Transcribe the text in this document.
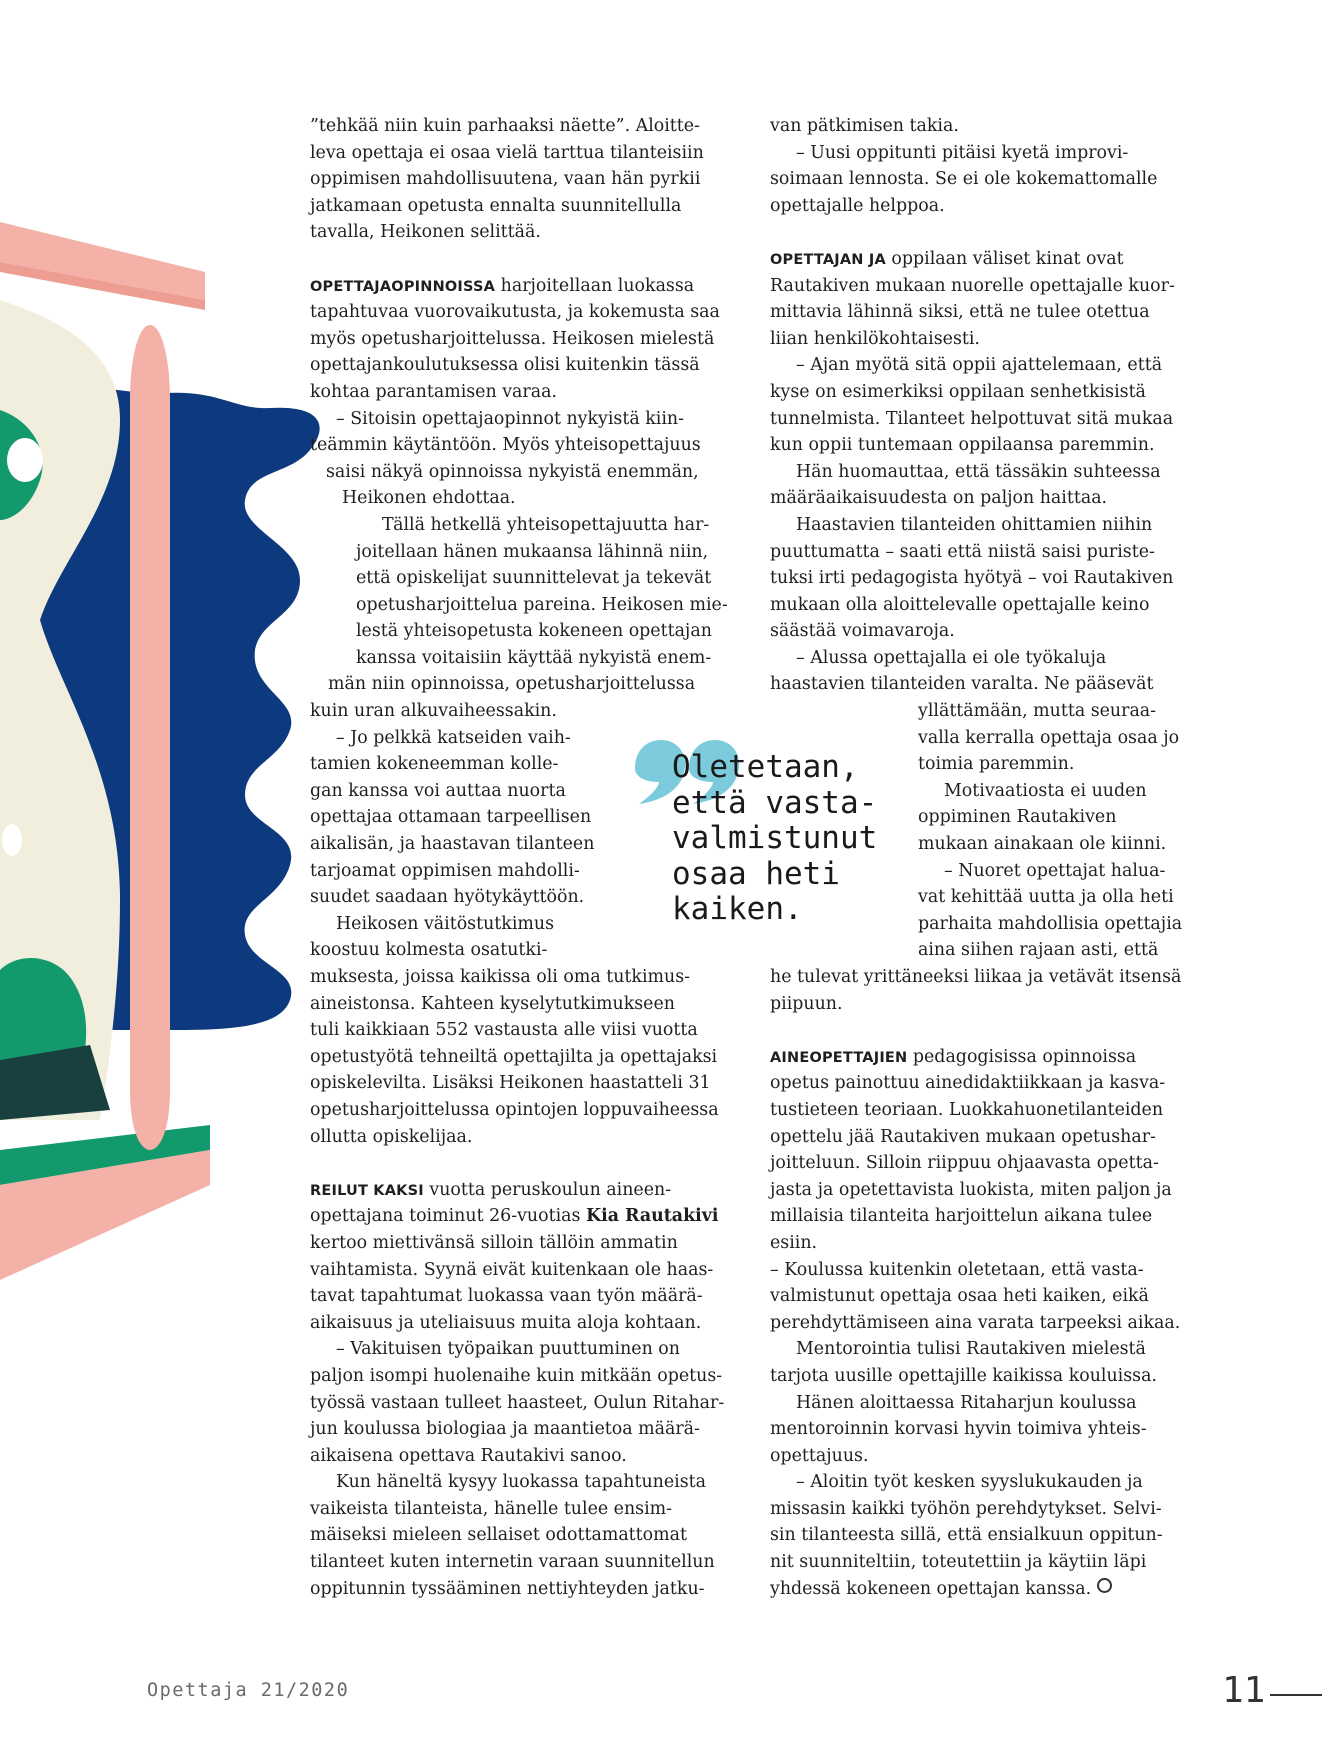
”tehkää niin kuin parhaaksi näette”. Aloitte-
leva opettaja ei osaa vielä tarttua tilanteisiin
oppimisen mahdollisuutena, vaan hän pyrkii
jatkamaan opetusta ennalta suunnitellulla
tavalla, Heikonen selittää.
OPETTAJAOPINNOISSA harjoitellaan luokassa
tapahtuvaa vuorovaikutusta, ja kokemusta saa
myös opetusharjoittelussa. Heikosen mielestä
opettajankoulutuksessa olisi kuitenkin tässä
kohtaa parantamisen varaa.
– Sitoisin opettajaopinnot nykyistä kiin-
teämmin käytäntöön. Myös yhteisopettajuus
saisi näkyä opinnoissa nykyistä enemmän,
Heikonen ehdottaa.
Tällä hetkellä yhteisopettajuutta har-
joitellaan hänen mukaansa lähinnä niin,
että opiskelijat suunnittelevat ja tekevät
opetusharjoittelua pareina. Heikosen mie-
lestä yhteisopetusta kokeneen opettajan
kanssa voitaisiin käyttää nykyistä enem-
män niin opinnoissa, opetusharjoittelussa
kuin uran alkuvaiheessakin.
– Jo pelkkä katseiden vaih-
tamien kokeneemman kolle-
gan kanssa voi auttaa nuorta
opettajaa ottamaan tarpeellisen
aikalisän, ja haastavan tilanteen
tarjoamat oppimisen mahdolli-
suudet saadaan hyötykäyttöön.
Heikosen väitöstutkimus
koostuu kolmesta osatutki-
muksesta, joissa kaikissa oli oma tutkimus-
aineistonsa. Kahteen kyselytutkimukseen
tuli kaikkiaan 552 vastausta alle viisi vuotta
opetustyötä tehneiltä opettajilta ja opettajaksi
opiskelevilta. Lisäksi Heikonen haastatteli 31
opetusharjoittelussa opintojen loppuvaiheessa
ollutta opiskelijaa.
REILUT KAKSI vuotta peruskoulun aineen-
opettajana toiminut 26-vuotias Kia Rautakivi
kertoo miettivänsä silloin tällöin ammatin
vaihtamista. Syynä eivät kuitenkaan ole haas-
tavat tapahtumat luokassa vaan työn määrä-
aikaisuus ja uteliaisuus muita aloja kohtaan.
– Vakituisen työpaikan puuttuminen on
paljon isompi huolenaihe kuin mitkään opetus-
työssä vastaan tulleet haasteet, Oulun Ritahar-
jun koulussa biologiaa ja maantietoa määrä-
aikaisena opettava Rautakivi sanoo.
Kun häneltä kysyy luokassa tapahtuneista
vaikeista tilanteista, hänelle tulee ensim-
mäiseksi mieleen sellaiset odottamattomat
tilanteet kuten internetin varaan suunnitellun
oppitunnin tyssääminen nettiyhteyden jatku-
van pätkimisen takia.
– Uusi oppitunti pitäisi kyetä improvi-
soimaan lennosta. Se ei ole kokemattomalle
opettajalle helppoa.
OPETTAJAN JA oppilaan väliset kinat ovat
Rautakiven mukaan nuorelle opettajalle kuor-
mittavia lähinnä siksi, että ne tulee otettua
liian henkilökohtaisesti.
– Ajan myötä sitä oppii ajattelemaan, että
kyse on esimerkiksi oppilaan senhetkisistä
tunnelmista. Tilanteet helpottuvat sitä mukaa
kun oppii tuntemaan oppilaansa paremmin.
Hän huomauttaa, että tässäkin suhteessa
määräaikaisuudesta on paljon haittaa.
Haastavien tilanteiden ohittamien niihin
puuttumatta – saati että niistä saisi puriste-
tuksi irti pedagogista hyötyä – voi Rautakiven
mukaan olla aloittelevalle opettajalle keino
säästää voimavaroja.
– Alussa opettajalla ei ole työkaluja
haastavien tilanteiden varalta. Ne pääsevät
yllättämään, mutta seuraa-
valla kerralla opettaja osaa jo
toimia paremmin.
Motivaatiosta ei uuden
oppiminen Rautakiven
mukaan ainakaan ole kiinni.
– Nuoret opettajat halua-
vat kehittää uutta ja olla heti
parhaita mahdollisia opettajia
aina siihen rajaan asti, että
he tulevat yrittäneeksi liikaa ja vetävät itsensä
piipuun.
AINEOPETTAJIEN pedagogisissa opinnoissa
opetus painottuu ainedidaktiikkaan ja kasva-
tustieteen teoriaan. Luokkahuonetilanteiden
opettelu jää Rautakiven mukaan opetushar-
joitteluun. Silloin riippuu ohjaavasta opetta-
jasta ja opetettavista luokista, miten paljon ja
millaisia tilanteita harjoittelun aikana tulee
esiin.
– Koulussa kuitenkin oletetaan, että vasta-
valmistunut opettaja osaa heti kaiken, eikä
perehdyttämiseen aina varata tarpeeksi aikaa.
Mentorointia tulisi Rautakiven mielestä
tarjota uusille opettajille kaikissa kouluissa.
Hänen aloittaessa Ritaharjun koulussa
mentoroinnin korvasi hyvin toimiva yhteis-
opettajuus.
– Aloitin työt kesken syyslukukauden ja
missasin kaikki työhön perehdytykset. Selvi-
sin tilanteesta sillä, että ensialkuun oppitun-
nit suunniteltiin, toteutettiin ja käytiin läpi
yhdessä kokeneen opettajan kanssa.
Oletetaan,
että vasta-
valmistunut
osaa heti
kaiken.
Opettaja 21/2020	11
